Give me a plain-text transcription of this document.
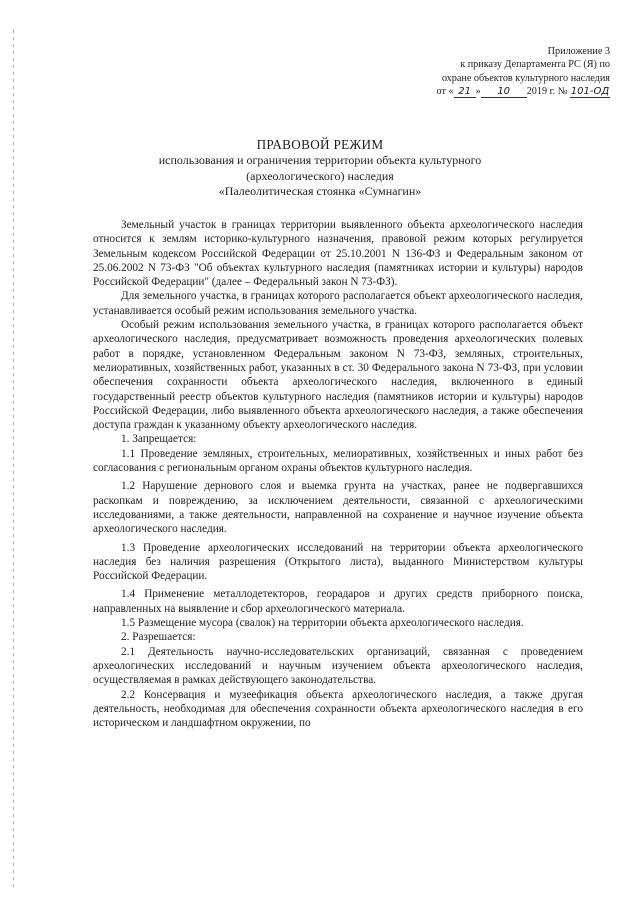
Приложение 3
к приказу Департамента РС (Я) по
охране объектов культурного наследия
от « 21 » 10 2019 г. № 101-ОД
ПРАВОВОЙ РЕЖИМ
использования и ограничения территории объекта культурного
(археологического) наследия
«Палеолитическая стоянка «Сумнагин»

Земельный участок в границах территории выявленного объекта археологического наследия относится к землям историко-культурного назначения, правовой режим которых регулируется Земельным кодексом Российской Федерации от 25.10.2001 N 136-ФЗ и Федеральным законом от 25.06.2002 N 73-ФЗ "Об объектах культурного наследия (памятниках истории и культуры) народов Российской Федерации" (далее – Федеральный закон N 73-ФЗ).

Для земельного участка, в границах которого располагается объект археологического наследия, устанавливается особый режим использования земельного участка.

Особый режим использования земельного участка, в границах которого располагается объект археологического наследия, предусматривает возможность проведения археологических полевых работ в порядке, установленном Федеральным законом N 73-ФЗ, земляных, строительных, мелиоративных, хозяйственных работ, указанных в ст. 30 Федерального закона N 73-ФЗ, при условии обеспечения сохранности объекта археологического наследия, включенного в единый государственный реестр объектов культурного наследия (памятников истории и культуры) народов Российской Федерации, либо выявленного объекта археологического наследия, а также обеспечения доступа граждан к указанному объекту археологического наследия.

1. Запрещается:

1.1 Проведение земляных, строительных, мелиоративных, хозяйственных и иных работ без согласования с региональным органом охраны объектов культурного наследия.

1.2 Нарушение дернового слоя и выемка грунта на участках, ранее не подвергавшихся раскопкам и повреждению, за исключением деятельности, связанной с археологическими исследованиями, а также деятельности, направленной на сохранение и научное изучение объекта археологического наследия.

1.3 Проведение археологических исследований на территории объекта археологического наследия без наличия разрешения (Открытого листа), выданного Министерством культуры Российской Федерации.

1.4 Применение металлодетекторов, георадаров и других средств приборного поиска, направленных на выявление и сбор археологического материала.

1.5 Размещение мусора (свалок) на территории объекта археологического наследия.

2. Разрешается:

2.1 Деятельность научно-исследовательских организаций, связанная с проведением археологических исследований и научным изучением объекта археологического наследия, осуществляемая в рамках действующего законодательства.

2.2 Консервация и музеефикация объекта археологического наследия, а также другая деятельность, необходимая для обеспечения сохранности объекта археологического наследия в его историческом и ландшафтном окружении, по
